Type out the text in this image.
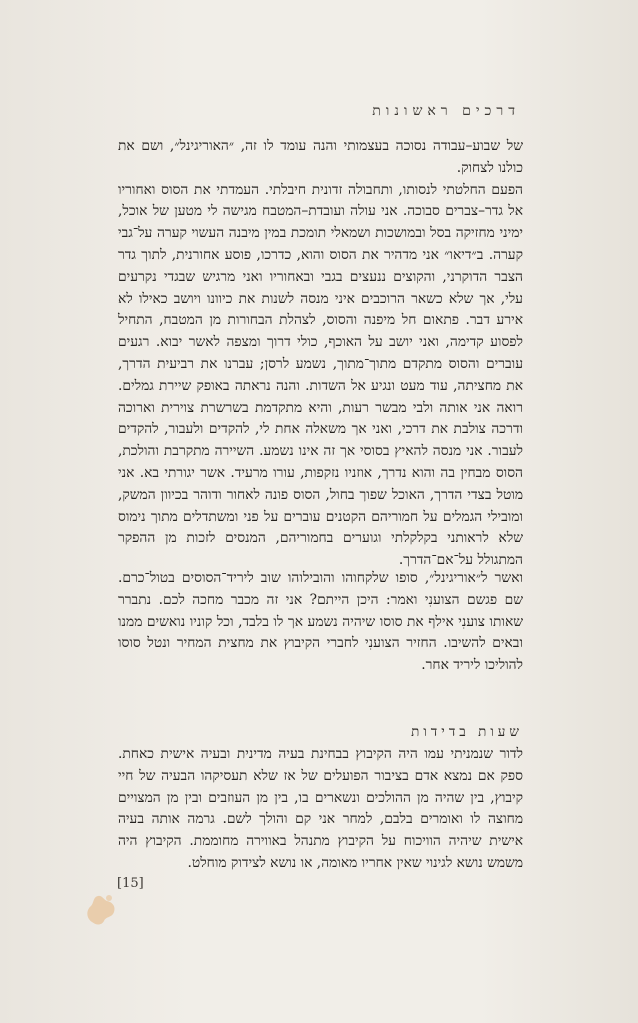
דרכים ראשונות

של שבוע–עבודה נסוכה בעצמותי והנה עומד לו זה, ״האוריגינל״, ושם את כולנו לצחוק.

הפעם החלטתי לנסותו, ותחבולה זדונית חיבלתי. העמדתי את הסוס ואחוריו אל גדר–צברים סבוכה. אני עולה ועובדת–המטבח מגישה לי מטען של אוכל, ימיני מחזיקה בסל ובמושכות ושמאלי תומכת במין מיבנה העשוי קערה על־גבי קערה. ב״דיאו״ אני מדהיר את הסוס והוא, כדרכו, פוסע אחורנית, לתוך גדר הצבר הדוקרני, והקוצים ננעצים בגבי ובאחוריו ואני מרגיש שבגדי נקרעים עלי, אך שלא כשאר הרוכבים איני מנסה לשנות את כיוונו ויושב כאילו לא אירע דבר. פתאום חל מיפנה והסוס, לצהלת הבחורות מן המטבח, התחיל לפסוע קדימה, ואני יושב על האוכף, כולי דרוך ומצפה לאשר יבוא. רגעים עוברים והסוס מתקדם מתוך־מתוך, נשמע לרסן; עברנו את רביעית הדרך, את מחציתה, עוד מעט ונגיע אל השדות. והנה נראתה באופק שיירת גמלים. רואה אני אותה ולבי מבשר רעות, והיא מתקדמת בשרשרת צוירית וארוכה ודרכה צולבת את דרכי, ואני אך משאלה אחת לי, להקדים ולעבור, להקדים לעבור. אני מנסה להאיץ בסוסי אך זה אינו נשמע. השיירה מתקרבת והולכת, הסוס מבחין בה והוא נדרך, אוזניו נזקפות, עורו מרעיד. אשר יגורתי בא. אני מוטל בצדי הדרך, האוכל שפוך בחול, הסוס פונה לאחור ודוהר בכיוון המשק, ומובילי הגמלים על חמוריהם הקטנים עוברים על פני ומשתדלים מתוך נימוס שלא לראותני בקלקלתי וגוערים בחמוריהם, המנסים לזכות מן ההפקר המתגולל על־אם־הדרך.

ואשר ל״אוריגינל״, סופו שלקחוהו והובילוהו שוב ליריד־הסוסים בטול־כרם. שם פגשם הצוענִי ואמר: היכן הייתם? אני זה מכבר מחכה לכם. נתברר שאותו צוענִי אילף את סוסו שיהיה נשמע אך לו בלבד, וכל קוניו נואשים ממנו ובאים להשיבו. החזיר הצוענִי לחברי הקיבוץ את מחצית המחיר ונטל סוסו להוליכו ליריד אחר.

שעות בדידות

לדור שנמניתי עמו היה הקיבוץ בבחינת בעיה מדינית ובעיה אישית כאחת. ספק אם נמצא אדם בציבור הפועלים של אז שלא תעסיקהו הבעיה של חיי קיבוץ, בין שהיה מן ההולכים ונשארים בו, בין מן העוזבים ובין מן המצויים מחוצה לו ואומרים בלבם, למחר אני קם והולך לשם. גרמה אותה בעיה אישית שיהיה הוויכוח על הקיבוץ מתנהל באווירה מחוממת. הקיבוץ היה משמש נושא לגינוי שאין אחריו מאומה, או נושא לצידוק מוחלט.

[15]
